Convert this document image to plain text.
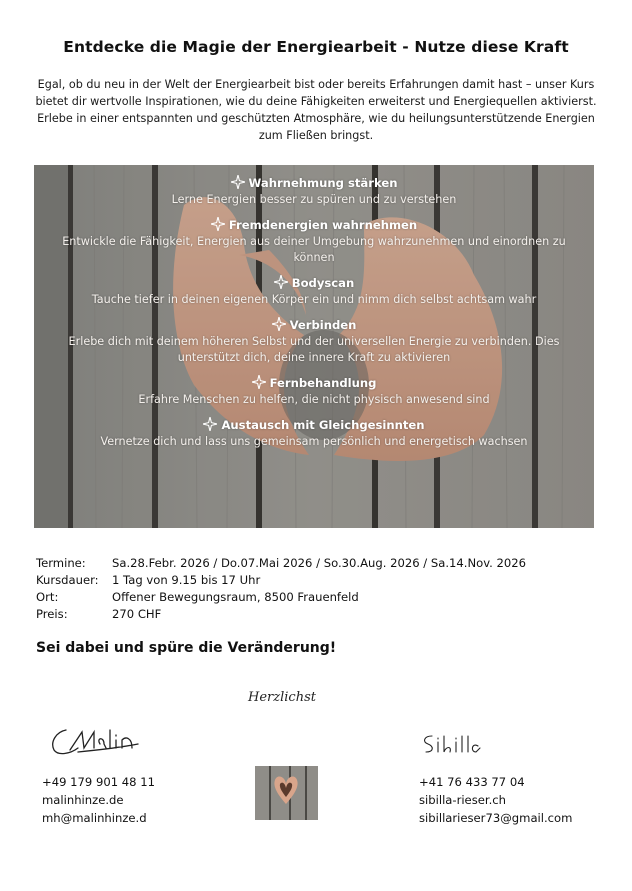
Entdecke die Magie der Energiearbeit - Nutze diese Kraft
Egal, ob du neu in der Welt der Energiearbeit bist oder bereits Erfahrungen damit hast – unser Kurs bietet dir wertvolle Inspirationen, wie du deine Fähigkeiten erweiterst und Energiequellen aktivierst. Erlebe in einer entspannten und geschützten Atmosphäre, wie du heilungsunterstützende Energien zum Fließen bringst.
Wahrnehmung stärken
Lerne Energien besser zu spüren und zu verstehen
Fremdenergien wahrnehmen
Entwickle die Fähigkeit, Energien aus deiner Umgebung wahrzunehmen und einordnen zu können
Bodyscan
Tauche tiefer in deinen eigenen Körper ein und nimm dich selbst achtsam wahr
Verbinden
Erlebe dich mit deinem höheren Selbst und der universellen Energie zu verbinden. Dies unterstützt dich, deine innere Kraft zu aktivieren
Fernbehandlung
Erfahre Menschen zu helfen, die nicht physisch anwesend sind
Austausch mit Gleichgesinnten
Vernetze dich und lass uns gemeinsam persönlich und energetisch wachsen
Termine:	Sa.28.Febr. 2026 / Do.07.Mai 2026 / So.30.Aug. 2026 / Sa.14.Nov. 2026
Kursdauer:	1 Tag von 9.15 bis 17 Uhr
Ort:	Offener Bewegungsraum, 8500 Frauenfeld
Preis:	270 CHF
Sei dabei und spüre die Veränderung!
Herzlichst
+49 179 901 48 11
malinhinze.de
mh@malinhinze.d
+41 76 433 77 04
sibilla-rieser.ch
sibillarieser73@gmail.com
